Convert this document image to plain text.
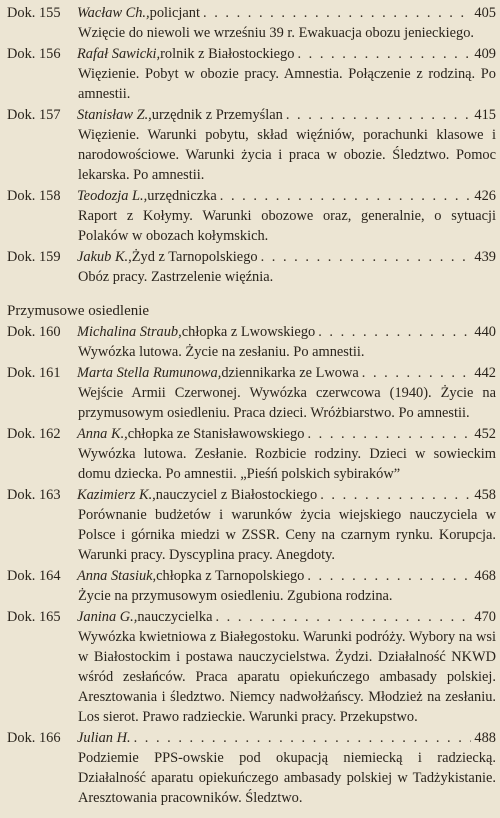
Dok. 155	Wacław Ch., policjant . . .	405
Wzięcie do niewoli we wrześniu 39 r. Ewakuacja obozu jenieckiego.
Dok. 156	Rafał Sawicki, rolnik z Białostockiego . . .	409
Więzienie. Pobyt w obozie pracy. Amnestia. Połączenie z rodziną. Po amnestii.
Dok. 157	Stanisław Z., urzędnik z Przemyślan . . .	415
Więzienie. Warunki pobytu, skład więźniów, porachunki klasowe i narodowościowe. Warunki życia i praca w obozie. Śledztwo. Pomoc lekarska. Po amnestii.
Dok. 158	Teodozja L., urzędniczka . . .	426
Raport z Kołymy. Warunki obozowe oraz, generalnie, o sytuacji Polaków w obozach kołymskich.
Dok. 159	Jakub K., Żyd z Tarnopolskiego . . .	439
Obóz pracy. Zastrzelenie więźnia.
Przymusowe osiedlenie
Dok. 160	Michalina Straub, chłopka z Lwowskiego . . .	440
Wywózka lutowa. Życie na zesłaniu. Po amnestii.
Dok. 161	Marta Stella Rumunowa, dziennikarka ze Lwowa . . .	442
Wejście Armii Czerwonej. Wywózka czerwcowa (1940). Życie na przymusowym osiedleniu. Praca dzieci. Wróżbiarstwo. Po amnestii.
Dok. 162	Anna K., chłopka ze Stanisławowskiego . . .	452
Wywózka lutowa. Zesłanie. Rozbicie rodziny. Dzieci w sowieckim domu dziecka. Po amnestii. „Pieśń polskich sybiraków”
Dok. 163	Kazimierz K., nauczyciel z Białostockiego . . .	458
Porównanie budżetów i warunków życia wiejskiego nauczyciela w Polsce i górnika miedzi w ZSSR. Ceny na czarnym rynku. Korupcja. Warunki pracy. Dyscyplina pracy. Anegdoty.
Dok. 164	Anna Stasiuk, chłopka z Tarnopolskiego . . .	468
Życie na przymusowym osiedleniu. Zgubiona rodzina.
Dok. 165	Janina G., nauczycielka . . .	470
Wywózka kwietniowa z Białegostoku. Warunki podróży. Wybory na wsi w Białostockim i postawa nauczycielstwa. Żydzi. Działalność NKWD wśród zesłańców. Praca aparatu opiekuńczego ambasady polskiej. Aresztowania i śledztwo. Niemcy nadwołżańscy. Młodzież na zesłaniu. Los sierot. Prawo radzieckie. Warunki pracy. Przekupstwo.
Dok. 166	Julian H. . . .	488
Podziemie PPS-owskie pod okupacją niemiecką i radziecką. Działalność aparatu opiekuńczego ambasady polskiej w Tadżykistanie. Aresztowania pracowników. Śledztwo.
